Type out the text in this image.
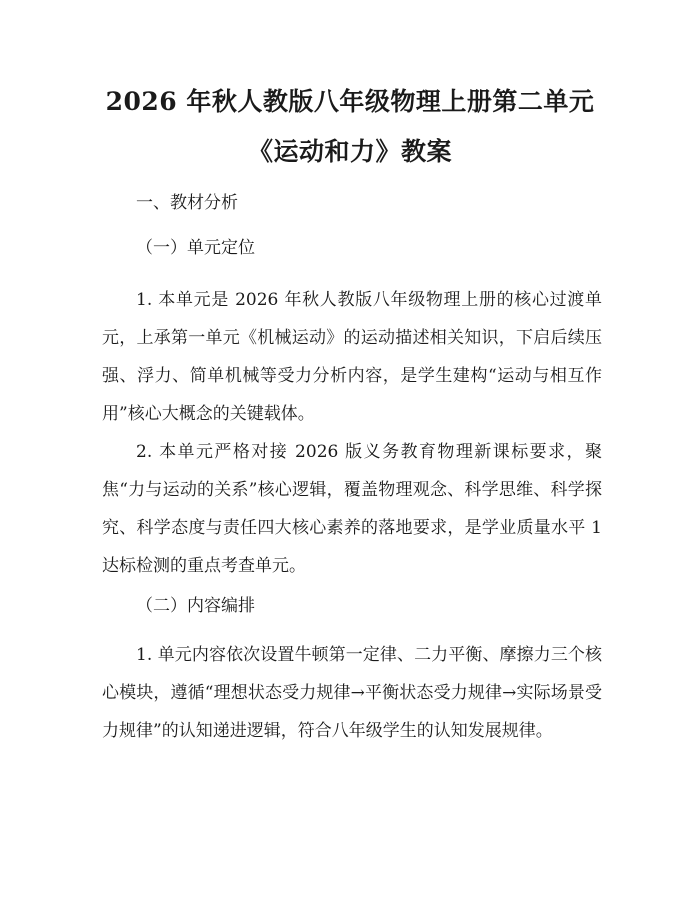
2026 年秋人教版八年级物理上册第二单元
《运动和力》教案
一、教材分析
（一）单元定位
1. 本单元是 2026 年秋人教版八年级物理上册的核心过渡单元，上承第一单元《机械运动》的运动描述相关知识，下启后续压强、浮力、简单机械等受力分析内容，是学生建构“运动与相互作用”核心大概念的关键载体。
2. 本单元严格对接 2026 版义务教育物理新课标要求，聚焦“力与运动的关系”核心逻辑，覆盖物理观念、科学思维、科学探究、科学态度与责任四大核心素养的落地要求，是学业质量水平 1 达标检测的重点考查单元。
（二）内容编排
1. 单元内容依次设置牛顿第一定律、二力平衡、摩擦力三个核心模块，遵循“理想状态受力规律→平衡状态受力规律→实际场景受力规律”的认知递进逻辑，符合八年级学生的认知发展规律。
